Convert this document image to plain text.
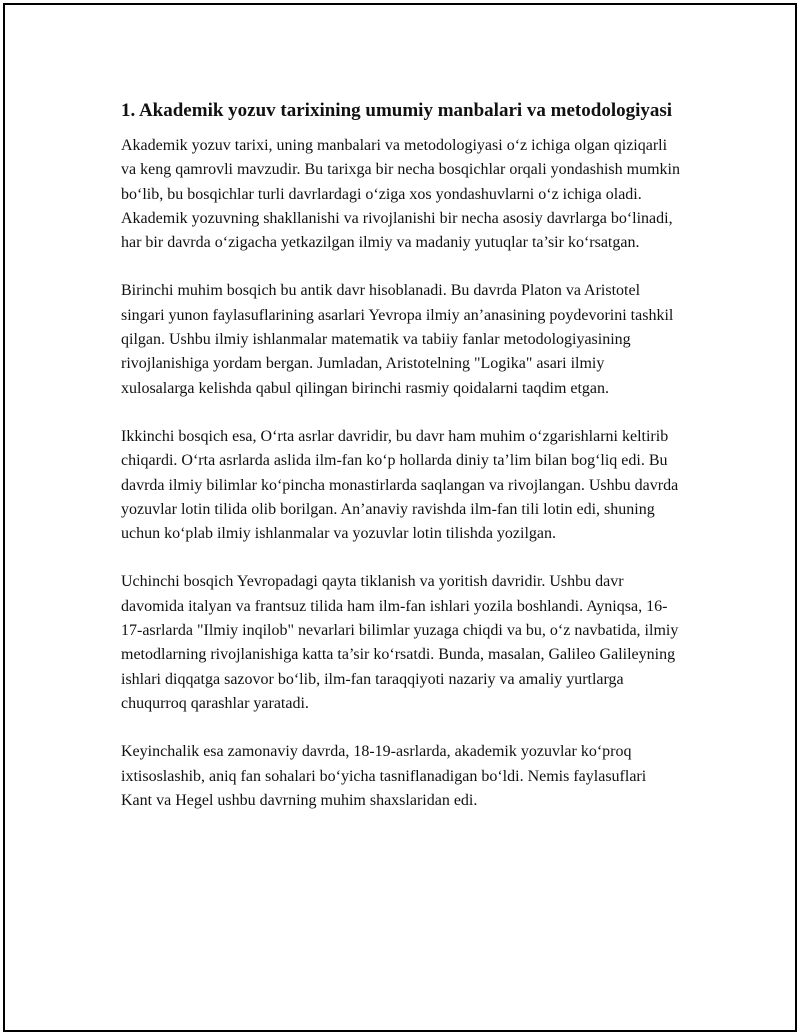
1. Akademik yozuv tarixining umumiy manbalari va metodologiyasi

Akademik yozuv tarixi, uning manbalari va metodologiyasi o‘z ichiga olgan qiziqarli va keng qamrovli mavzudir. Bu tarixga bir necha bosqichlar orqali yondashish mumkin bo‘lib, bu bosqichlar turli davrlardagi o‘ziga xos yondashuvlarni o‘z ichiga oladi. Akademik yozuvning shakllanishi va rivojlanishi bir necha asosiy davrlarga bo‘linadi, har bir davrda o‘zigacha yetkazilgan ilmiy va madaniy yutuqlar ta’sir ko‘rsatgan.

Birinchi muhim bosqich bu antik davr hisoblanadi. Bu davrda Platon va Aristotel singari yunon faylasuflarining asarlari Yevropa ilmiy an’anasining poydevorini tashkil qilgan. Ushbu ilmiy ishlanmalar matematik va tabiiy fanlar metodologiyasining rivojlanishiga yordam bergan. Jumladan, Aristotelning "Logika" asari ilmiy xulosalarga kelishda qabul qilingan birinchi rasmiy qoidalarni taqdim etgan.

Ikkinchi bosqich esa, O‘rta asrlar davridir, bu davr ham muhim o‘zgarishlarni keltirib chiqardi. O‘rta asrlarda aslida ilm-fan ko‘p hollarda diniy ta’lim bilan bog‘liq edi. Bu davrda ilmiy bilimlar ko‘pincha monastirlarda saqlangan va rivojlangan. Ushbu davrda yozuvlar lotin tilida olib borilgan. An’anaviy ravishda ilm-fan tili lotin edi, shuning uchun ko‘plab ilmiy ishlanmalar va yozuvlar lotin tilishda yozilgan.

Uchinchi bosqich Yevropadagi qayta tiklanish va yoritish davridir. Ushbu davr davomida italyan va frantsuz tilida ham ilm-fan ishlari yozila boshlandi. Ayniqsa, 16-17-asrlarda "Ilmiy inqilob" nevarlari bilimlar yuzaga chiqdi va bu, o‘z navbatida, ilmiy metodlarning rivojlanishiga katta ta’sir ko‘rsatdi. Bunda, masalan, Galileo Galileyning ishlari diqqatga sazovor bo‘lib, ilm-fan taraqqiyoti nazariy va amaliy yurtlarga chuqurroq qarashlar yaratadi.

Keyinchalik esa zamonaviy davrda, 18-19-asrlarda, akademik yozuvlar ko‘proq ixtisoslashib, aniq fan sohalari bo‘yicha tasniflanadigan bo‘ldi. Nemis faylasuflari Kant va Hegel ushbu davrning muhim shaxslaridan edi.
